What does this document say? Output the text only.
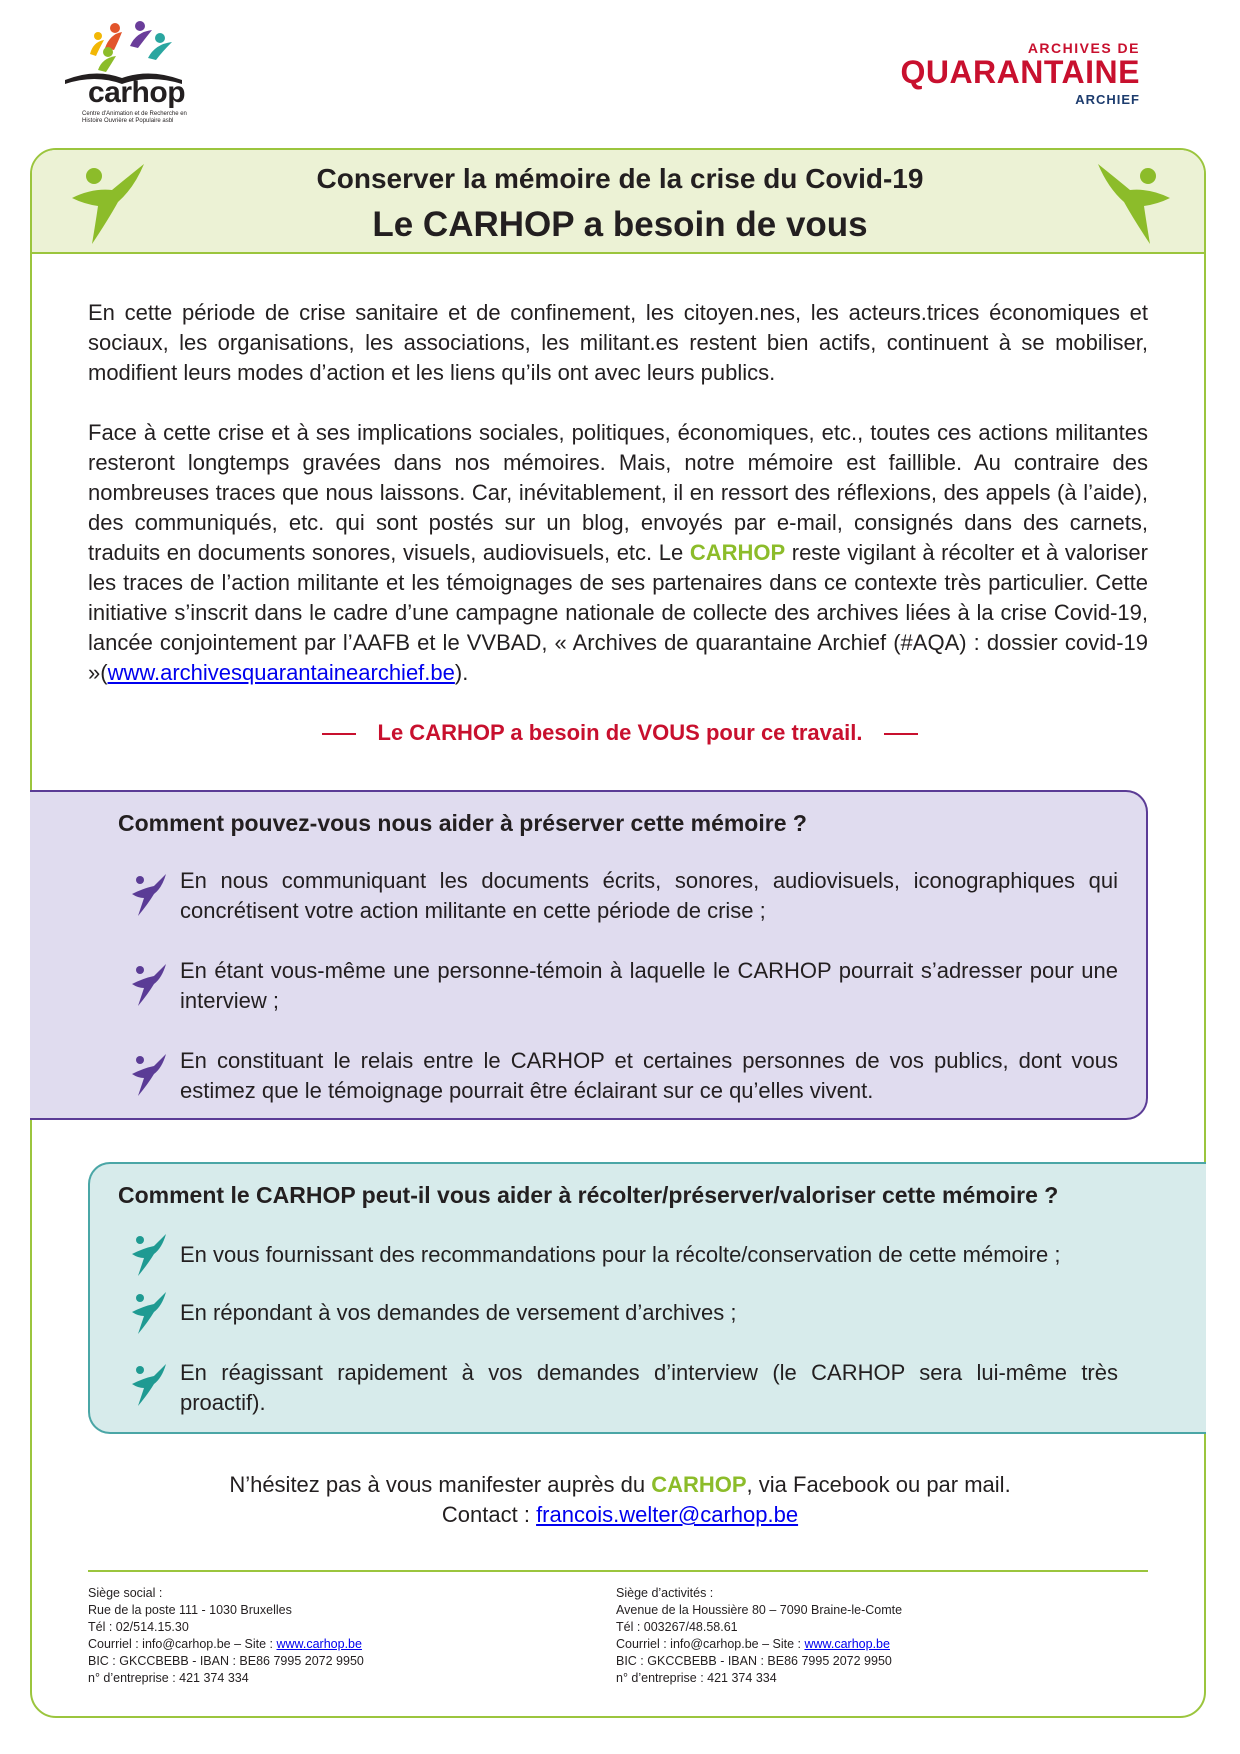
carhop
Centre d'Animation et de Recherche en Histoire Ouvrière et Populaire asbl
ARCHIVES DE
QUARANTAINE
ARCHIEF
Conserver la mémoire de la crise du Covid-19
Le CARHOP a besoin de vous
En cette période de crise sanitaire et de confinement, les citoyen.nes, les acteurs.trices économiques et sociaux, les organisations, les associations, les militant.es restent bien actifs, continuent à se mobiliser, modifient leurs modes d’action et les liens qu’ils ont avec leurs publics.
Face à cette crise et à ses implications sociales, politiques, économiques, etc., toutes ces actions militantes resteront longtemps gravées dans nos mémoires. Mais, notre mémoire est faillible. Au contraire des nombreuses traces que nous laissons. Car, inévitablement, il en ressort des réflexions, des appels (à l’aide), des communiqués, etc. qui sont postés sur un blog, envoyés par e-mail, consignés dans des carnets, traduits en documents sonores, visuels, audiovisuels, etc. Le CARHOP reste vigilant à récolter et à valoriser les traces de l’action militante et les témoignages de ses partenaires dans ce contexte très particulier. Cette initiative s’inscrit dans le cadre d’une campagne nationale de collecte des archives liées à la crise Covid-19, lancée conjointement par l’AAFB et le VVBAD, « Archives de quarantaine Archief (#AQA) : dossier covid-19 »(www.archivesquarantainearchief.be).
Le CARHOP a besoin de VOUS pour ce travail.
Comment pouvez-vous nous aider à préserver cette mémoire ?
En nous communiquant les documents écrits, sonores, audiovisuels, iconographiques qui concrétisent votre action militante en cette période de crise ;
En étant vous-même une personne-témoin à laquelle le CARHOP pourrait s’adresser pour une interview ;
En constituant le relais entre le CARHOP et certaines personnes de vos publics, dont vous estimez que le témoignage pourrait être éclairant sur ce qu’elles vivent.
Comment le CARHOP peut-il vous aider à récolter/préserver/valoriser cette mémoire ?
En vous fournissant des recommandations pour la récolte/conservation de cette mémoire ;
En répondant à vos demandes de versement d’archives ;
En réagissant rapidement à vos demandes d’interview (le CARHOP sera lui-même très proactif).
N’hésitez pas à vous manifester auprès du CARHOP, via Facebook ou par mail.
Contact : francois.welter@carhop.be
Siège social :
Rue de la poste 111 - 1030 Bruxelles
Tél : 02/514.15.30
Courriel : info@carhop.be – Site : www.carhop.be
BIC : GKCCBEBB - IBAN : BE86 7995 2072 9950
n° d’entreprise : 421 374 334
Siège d’activités :
Avenue de la Houssière 80 – 7090 Braine-le-Comte
Tél : 003267/48.58.61
Courriel : info@carhop.be – Site : www.carhop.be
BIC : GKCCBEBB - IBAN : BE86 7995 2072 9950
n° d’entreprise : 421 374 334
